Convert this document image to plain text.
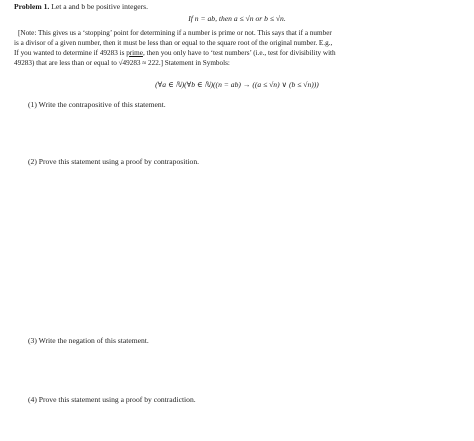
Problem 1. Let a and b be positive integers.
If n = ab, then a ≤ √n or b ≤ √n.
[Note: This gives us a ‘stopping’ point for determining if a number is prime or not. This says that if a number
is a divisor of a given number, then it must be less than or equal to the square root of the original number. E.g.,
If you wanted to determine if 49283 is prime, then you only have to ‘test numbers’ (i.e., test for divisibility with
49283) that are less than or equal to √49283 ≈ 222.] Statement in Symbols:
(∀a ∈ ℕ)(∀b ∈ ℕ)((n = ab) → ((a ≤ √n) ∨ (b ≤ √n)))
(1) Write the contrapositive of this statement.
(2) Prove this statement using a proof by contraposition.
(3) Write the negation of this statement.
(4) Prove this statement using a proof by contradiction.
